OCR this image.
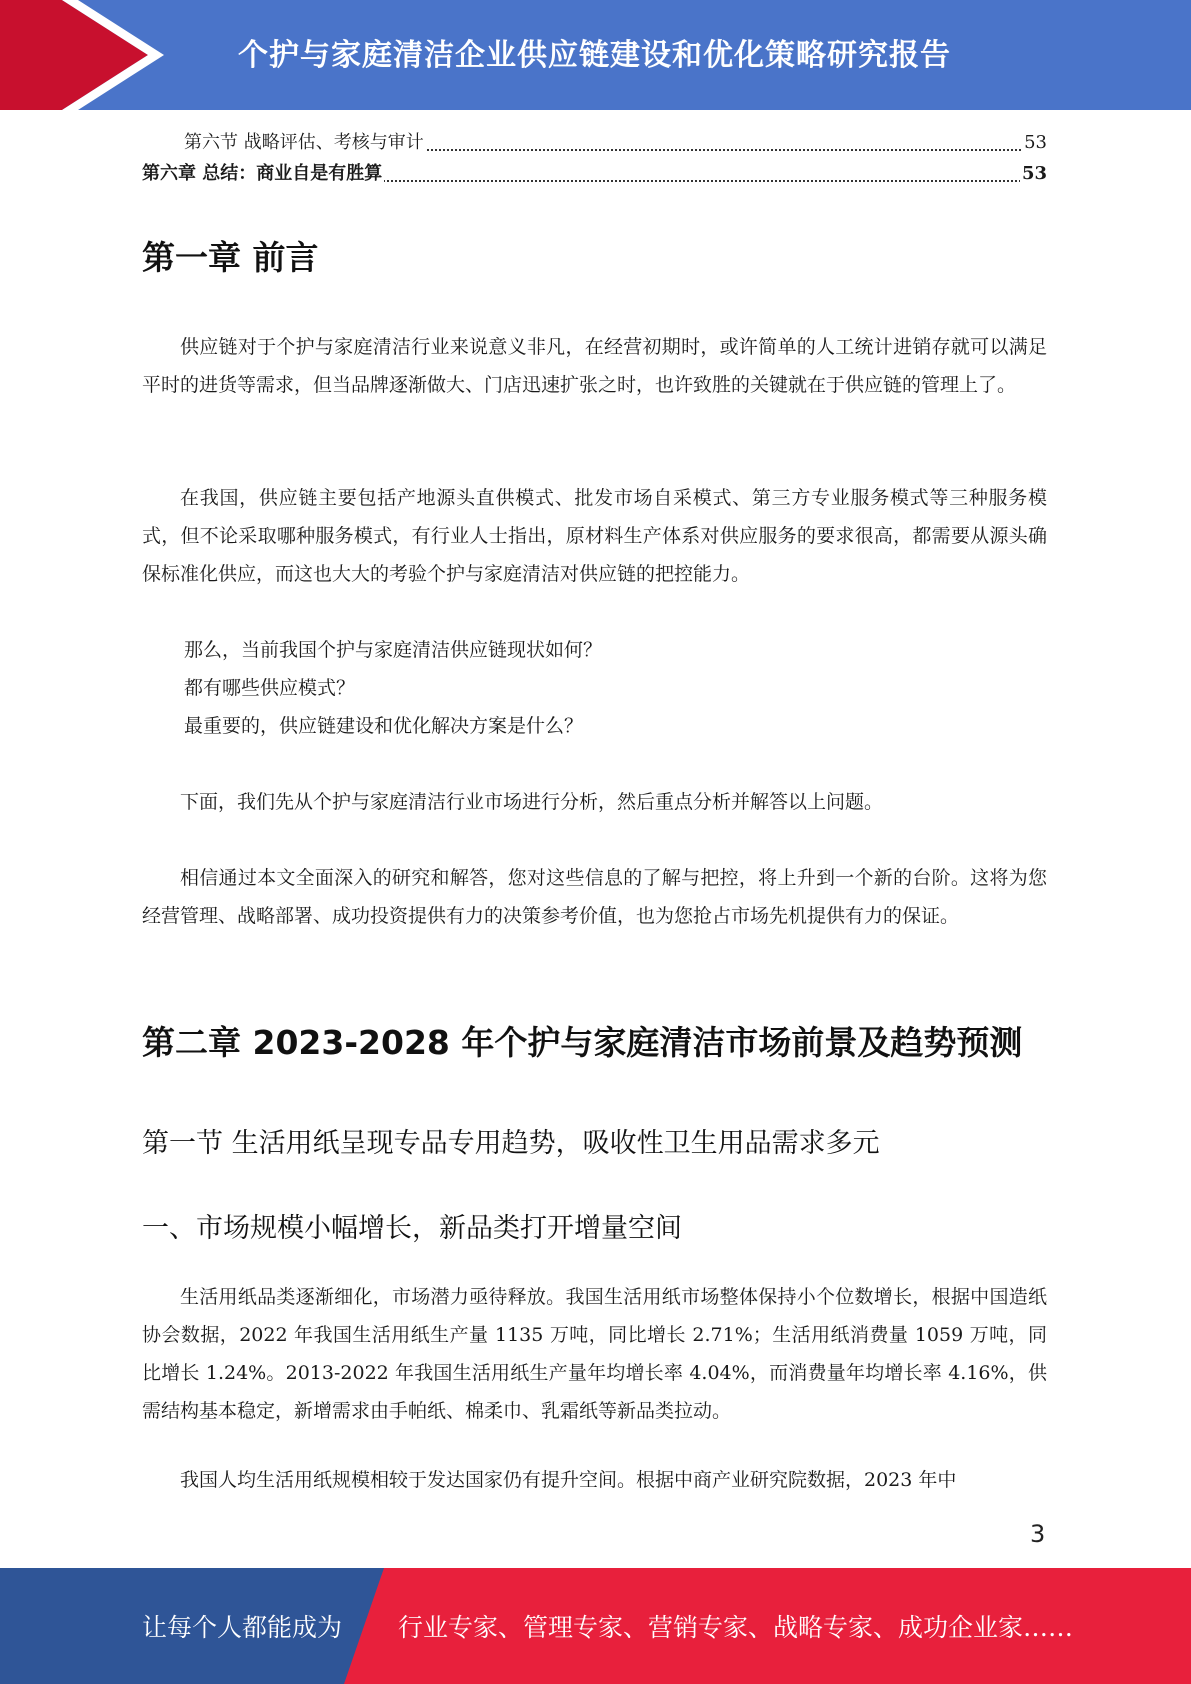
个护与家庭清洁企业供应链建设和优化策略研究报告
第六节 战略评估、考核与审计	53
第六章 总结：商业自是有胜算	53
第一章 前言
供应链对于个护与家庭清洁行业来说意义非凡，在经营初期时，或许简单的人工统计进销存就可以满足平时的进货等需求，但当品牌逐渐做大、门店迅速扩张之时，也许致胜的关键就在于供应链的管理上了。
在我国，供应链主要包括产地源头直供模式、批发市场自采模式、第三方专业服务模式等三种服务模式，但不论采取哪种服务模式，有行业人士指出，原材料生产体系对供应服务的要求很高，都需要从源头确保标准化供应，而这也大大的考验个护与家庭清洁对供应链的把控能力。
那么，当前我国个护与家庭清洁供应链现状如何？
都有哪些供应模式？
最重要的，供应链建设和优化解决方案是什么？
下面，我们先从个护与家庭清洁行业市场进行分析，然后重点分析并解答以上问题。
相信通过本文全面深入的研究和解答，您对这些信息的了解与把控，将上升到一个新的台阶。这将为您经营管理、战略部署、成功投资提供有力的决策参考价值，也为您抢占市场先机提供有力的保证。
第二章 2023-2028 年个护与家庭清洁市场前景及趋势预测
第一节 生活用纸呈现专品专用趋势，吸收性卫生用品需求多元
一、市场规模小幅增长，新品类打开增量空间
生活用纸品类逐渐细化，市场潜力亟待释放。我国生活用纸市场整体保持小个位数增长，根据中国造纸协会数据，2022 年我国生活用纸生产量 1135 万吨，同比增长 2.71%；生活用纸消费量 1059 万吨，同比增长 1.24%。2013-2022 年我国生活用纸生产量年均增长率 4.04%，而消费量年均增长率 4.16%，供需结构基本稳定，新增需求由手帕纸、棉柔巾、乳霜纸等新品类拉动。
我国人均生活用纸规模相较于发达国家仍有提升空间。根据中商产业研究院数据，2023 年中
3
让每个人都能成为 行业专家、管理专家、营销专家、战略专家、成功企业家……
